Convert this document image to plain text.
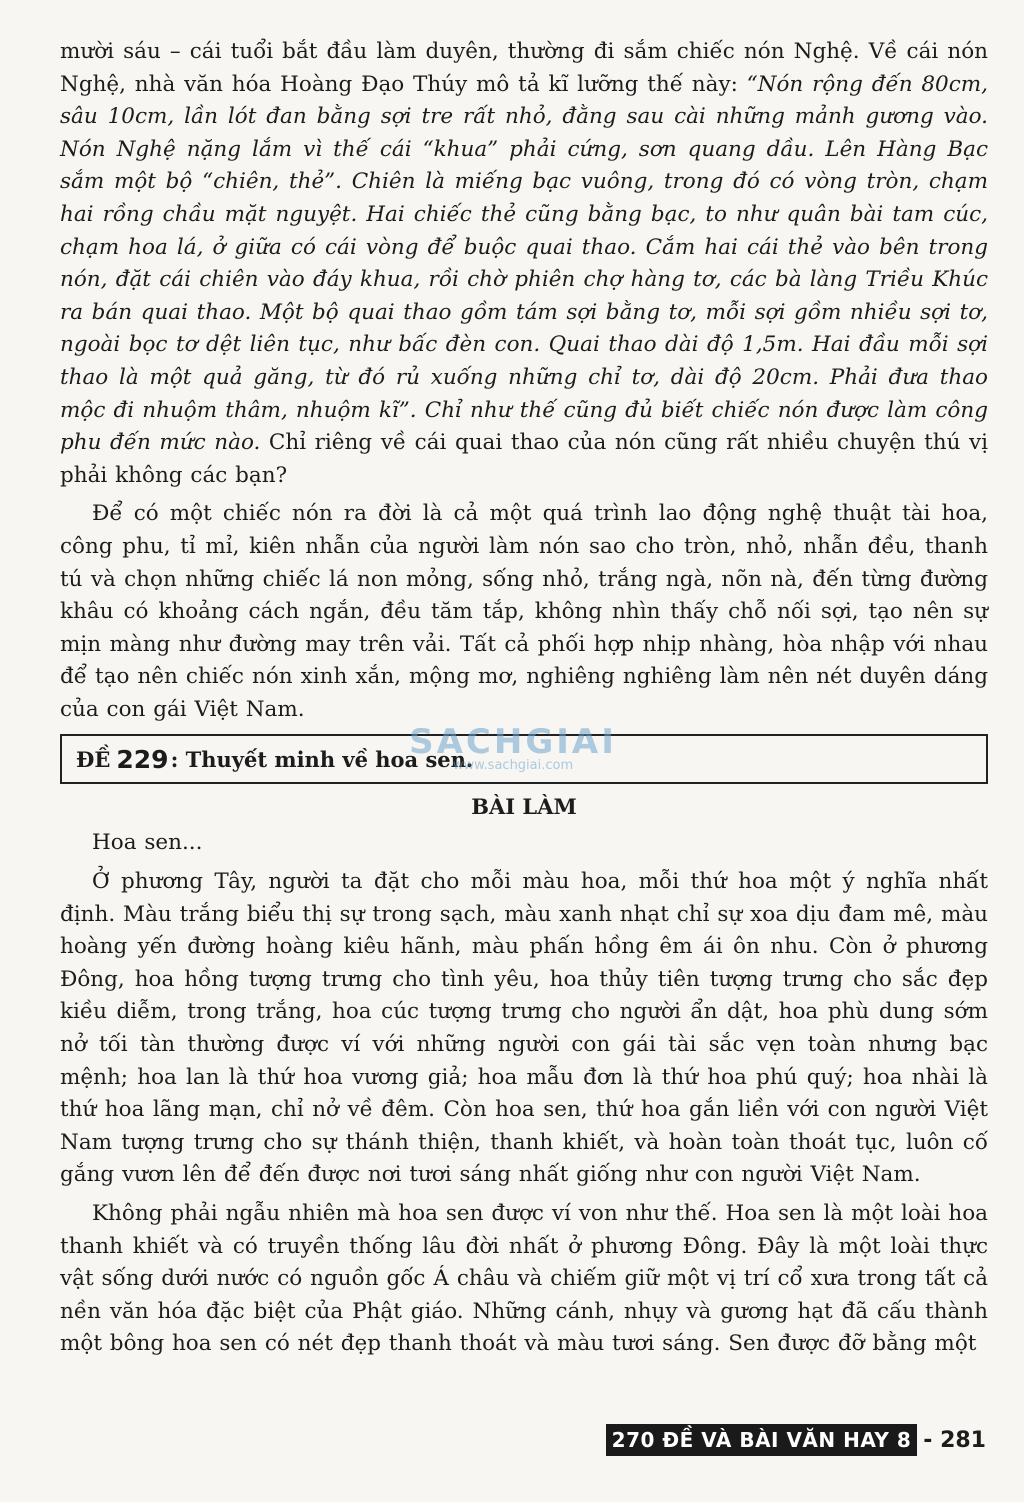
mười sáu – cái tuổi bắt đầu làm duyên, thường đi sắm chiếc nón Nghệ. Về cái nón Nghệ, nhà văn hóa Hoàng Đạo Thúy mô tả kĩ lưỡng thế này: “Nón rộng đến 80cm, sâu 10cm, lần lót đan bằng sợi tre rất nhỏ, đằng sau cài những mảnh gương vào. Nón Nghệ nặng lắm vì thế cái “khua” phải cứng, sơn quang dầu. Lên Hàng Bạc sắm một bộ “chiên, thẻ”. Chiên là miếng bạc vuông, trong đó có vòng tròn, chạm hai rồng chầu mặt nguyệt. Hai chiếc thẻ cũng bằng bạc, to như quân bài tam cúc, chạm hoa lá, ở giữa có cái vòng để buộc quai thao. Cắm hai cái thẻ vào bên trong nón, đặt cái chiên vào đáy khua, rồi chờ phiên chợ hàng tơ, các bà làng Triều Khúc ra bán quai thao. Một bộ quai thao gồm tám sợi bằng tơ, mỗi sợi gồm nhiều sợi tơ, ngoài bọc tơ dệt liên tục, như bấc đèn con. Quai thao dài độ 1,5m. Hai đầu mỗi sợi thao là một quả găng, từ đó rủ xuống những chỉ tơ, dài độ 20cm. Phải đưa thao mộc đi nhuộm thâm, nhuộm kĩ”. Chỉ như thế cũng đủ biết chiếc nón được làm công phu đến mức nào. Chỉ riêng về cái quai thao của nón cũng rất nhiều chuyện thú vị phải không các bạn?

Để có một chiếc nón ra đời là cả một quá trình lao động nghệ thuật tài hoa, công phu, tỉ mỉ, kiên nhẫn của người làm nón sao cho tròn, nhỏ, nhẫn đều, thanh tú và chọn những chiếc lá non mỏng, sống nhỏ, trắng ngà, nõn nà, đến từng đường khâu có khoảng cách ngắn, đều tăm tắp, không nhìn thấy chỗ nối sợi, tạo nên sự mịn màng như đường may trên vải. Tất cả phối hợp nhịp nhàng, hòa nhập với nhau để tạo nên chiếc nón xinh xắn, mộng mơ, nghiêng nghiêng làm nên nét duyên dáng của con gái Việt Nam.

ĐỀ 229 : Thuyết minh về hoa sen.
BÀI LÀM

Hoa sen...

Ở phương Tây, người ta đặt cho mỗi màu hoa, mỗi thứ hoa một ý nghĩa nhất định. Màu trắng biểu thị sự trong sạch, màu xanh nhạt chỉ sự xoa dịu đam mê, màu hoàng yến đường hoàng kiêu hãnh, màu phấn hồng êm ái ôn nhu. Còn ở phương Đông, hoa hồng tượng trưng cho tình yêu, hoa thủy tiên tượng trưng cho sắc đẹp kiều diễm, trong trắng, hoa cúc tượng trưng cho người ẩn dật, hoa phù dung sớm nở tối tàn thường được ví với những người con gái tài sắc vẹn toàn nhưng bạc mệnh; hoa lan là thứ hoa vương giả; hoa mẫu đơn là thứ hoa phú quý; hoa nhài là thứ hoa lãng mạn, chỉ nở về đêm. Còn hoa sen, thứ hoa gắn liền với con người Việt Nam tượng trưng cho sự thánh thiện, thanh khiết, và hoàn toàn thoát tục, luôn cố gắng vươn lên để đến được nơi tươi sáng nhất giống như con người Việt Nam.

Không phải ngẫu nhiên mà hoa sen được ví von như thế. Hoa sen là một loài hoa thanh khiết và có truyền thống lâu đời nhất ở phương Đông. Đây là một loài thực vật sống dưới nước có nguồn gốc Á châu và chiếm giữ một vị trí cổ xưa trong tất cả nền văn hóa đặc biệt của Phật giáo. Những cánh, nhụy và gương hạt đã cấu thành một bông hoa sen có nét đẹp thanh thoát và màu tươi sáng. Sen được đỡ bằng một

SACHGIAI
www.sachgiai.com
270 ĐỀ VÀ BÀI VĂN HAY 8 - 281
